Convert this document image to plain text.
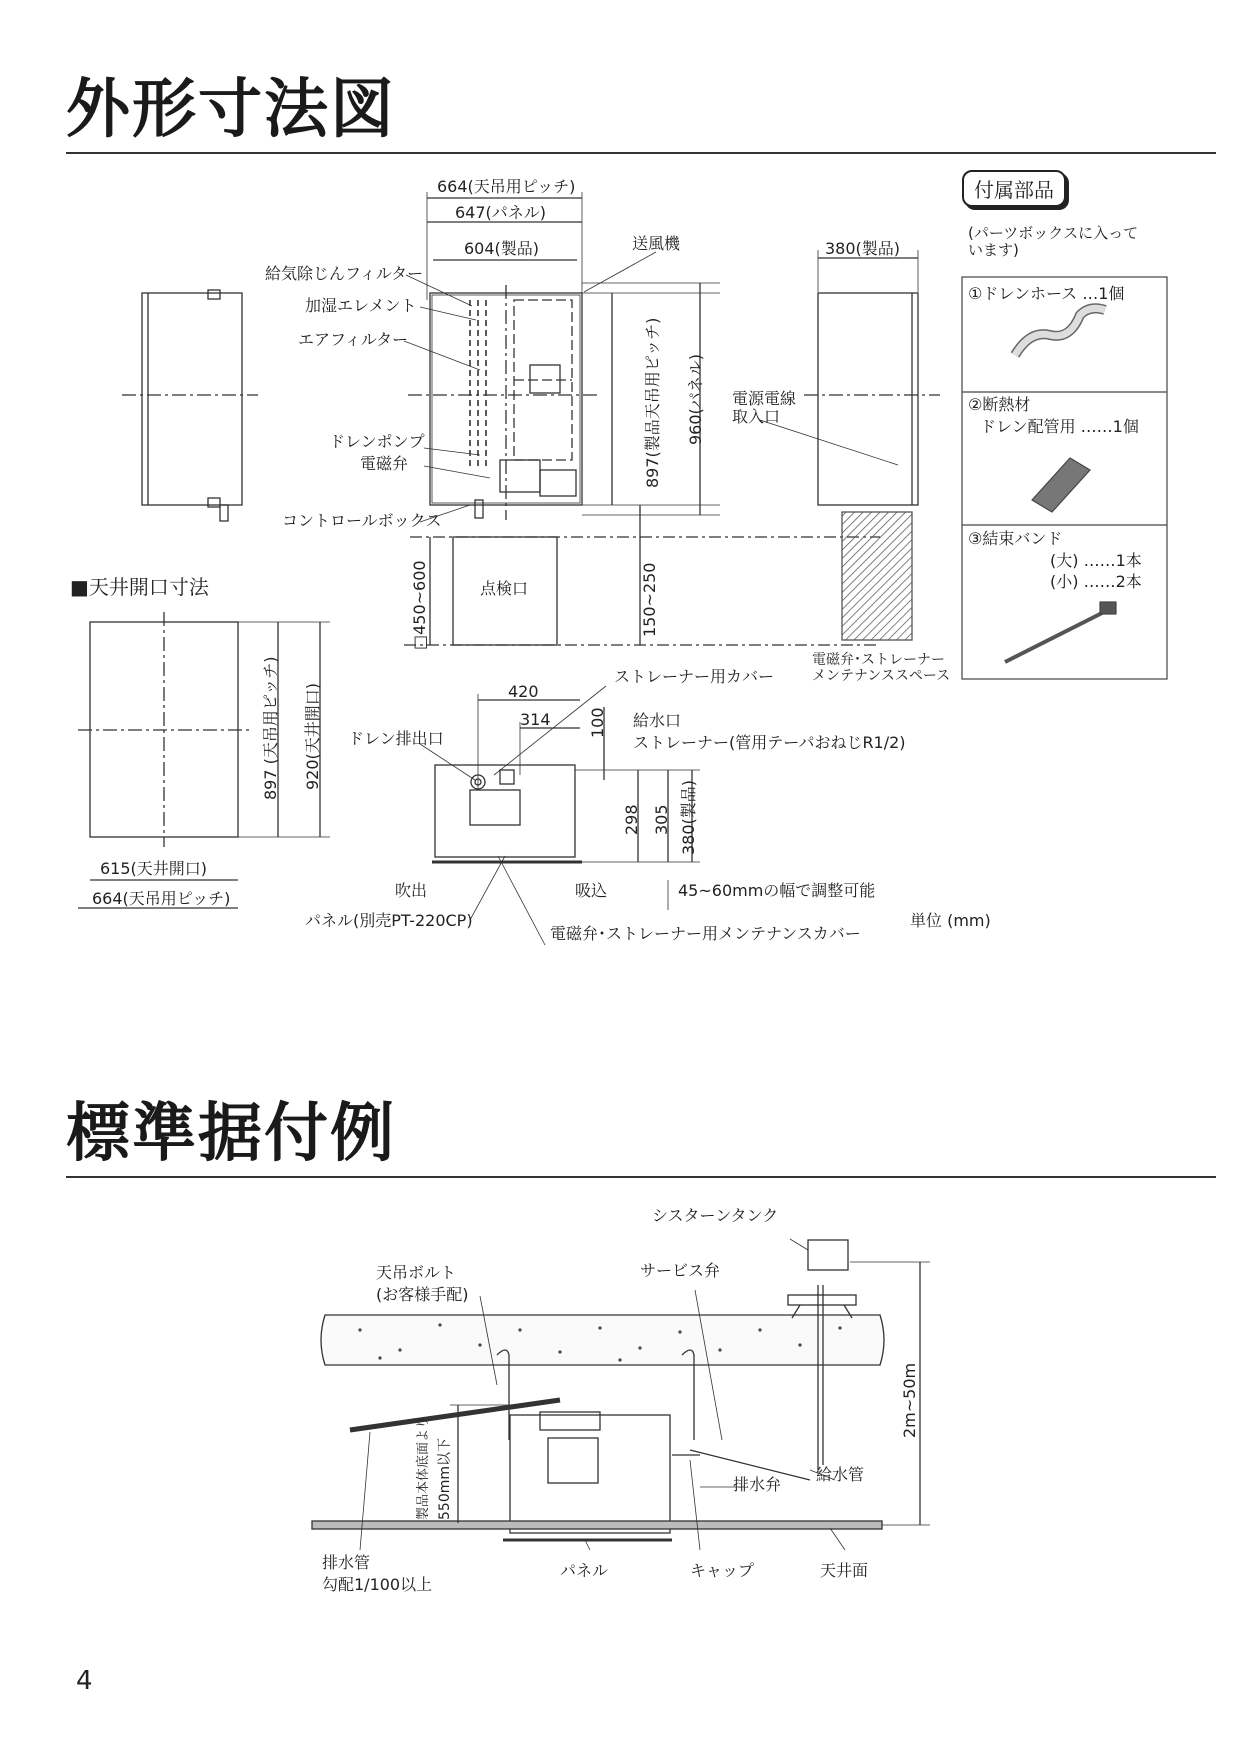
外形寸法図
664(天吊用ピッチ)
647(パネル)
604(製品)
897(製品天吊用ピッチ) 960(パネル)
150~250
□450~600
380(製品)
給気除じんフィルター
加湿エレメント
エアフィルター
ドレンポンプ
電磁弁
コントロールボックス
送風機
電源電線
取入口
点検口
電磁弁･ストレーナー
メンテナンススペース
■天井開口寸法
897 (天吊用ピッチ) 920(天井開口)
615(天井開口)
664(天吊用ピッチ)
420
314 100
298 305 380(製品)
ストレーナー用カバー
給水口
ストレーナー(管用テーパおねじR1/2)
ドレン排出口
吹出	吸込	45~60mmの幅で調整可能
パネル(別売PT-220CP)
電磁弁･ストレーナー用メンテナンスカバー
単位 (mm)
付属部品
(パーツボックスに入って
います)
①ドレンホース …1個
②断熱材
ドレン配管用 ……1個
③結束バンド
(大) ……1本
(小) ……2本
標準据付例
シスターンタンク
天吊ボルト
(お客様手配)
サービス弁
2m~50m
排水弁
給水管
排水管
勾配1/100以上
パネル	キャップ	天井面
製品本体底面より 550mm以下
4
